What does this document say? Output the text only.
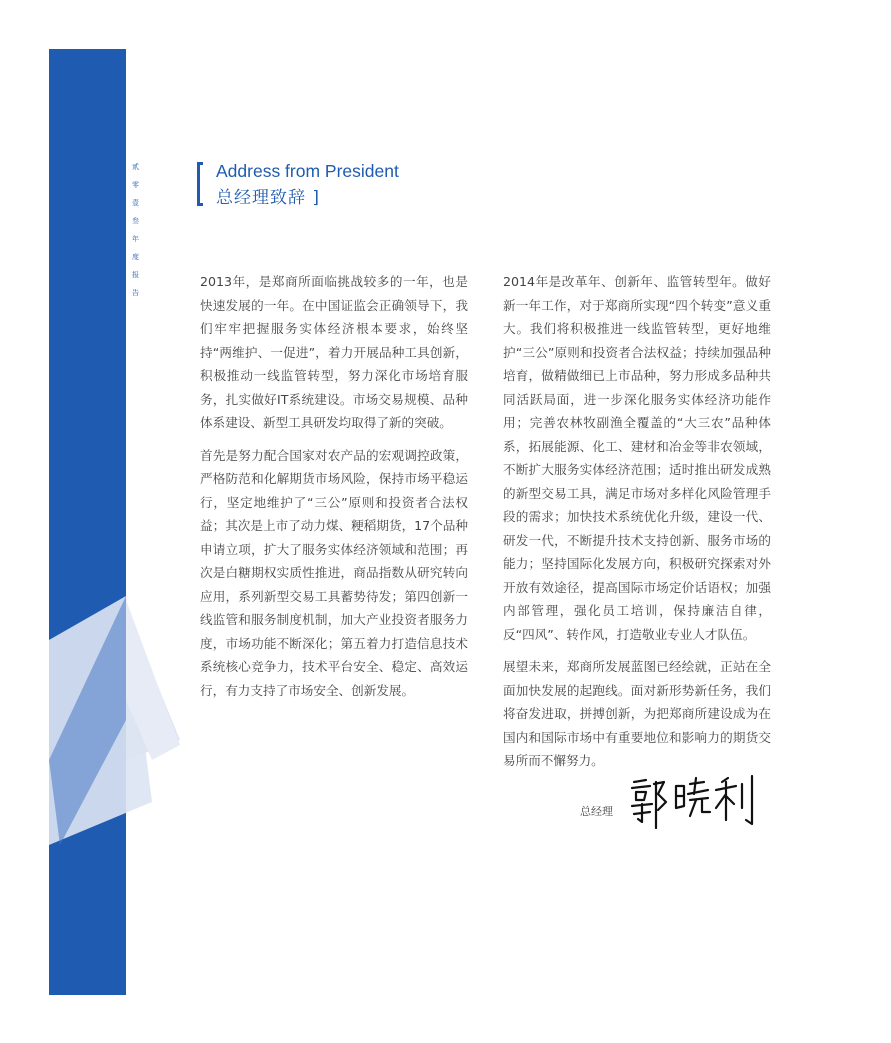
04 贰
零
壹
叁
年
度
报
告
Address from President
总经理致辞 ]

2013年，是郑商所面临挑战较多的一年，也是快速发展的一年。在中国证监会正确领导下，我们牢牢把握服务实体经济根本要求，始终坚持“两维护、一促进”，着力开展品种工具创新，积极推动一线监管转型，努力深化市场培育服务，扎实做好IT系统建设。市场交易规模、品种体系建设、新型工具研发均取得了新的突破。

首先是努力配合国家对农产品的宏观调控政策，严格防范和化解期货市场风险，保持市场平稳运行，坚定地维护了“三公”原则和投资者合法权益；其次是上市了动力煤、粳稻期货，17个品种申请立项，扩大了服务实体经济领域和范围；再次是白糖期权实质性推进，商品指数从研究转向应用，系列新型交易工具蓄势待发；第四创新一线监管和服务制度机制，加大产业投资者服务力度，市场功能不断深化；第五着力打造信息技术系统核心竞争力，技术平台安全、稳定、高效运行，有力支持了市场安全、创新发展。

2014年是改革年、创新年、监管转型年。做好新一年工作，对于郑商所实现“四个转变”意义重大。我们将积极推进一线监管转型，更好地维护“三公”原则和投资者合法权益；持续加强品种培育，做精做细已上市品种，努力形成多品种共同活跃局面，进一步深化服务实体经济功能作用；完善农林牧副渔全覆盖的“大三农”品种体系，拓展能源、化工、建材和冶金等非农领域，不断扩大服务实体经济范围；适时推出研发成熟的新型交易工具，满足市场对多样化风险管理手段的需求；加快技术系统优化升级，建设一代、研发一代，不断提升技术支持创新、服务市场的能力；坚持国际化发展方向，积极研究探索对外开放有效途径，提高国际市场定价话语权；加强内部管理，强化员工培训，保持廉洁自律，反“四风”、转作风，打造敬业专业人才队伍。

展望未来，郑商所发展蓝图已经绘就，正站在全面加快发展的起跑线。面对新形势新任务，我们将奋发进取，拼搏创新，为把郑商所建设成为在国内和国际市场中有重要地位和影响力的期货交易所而不懈努力。

总经理
